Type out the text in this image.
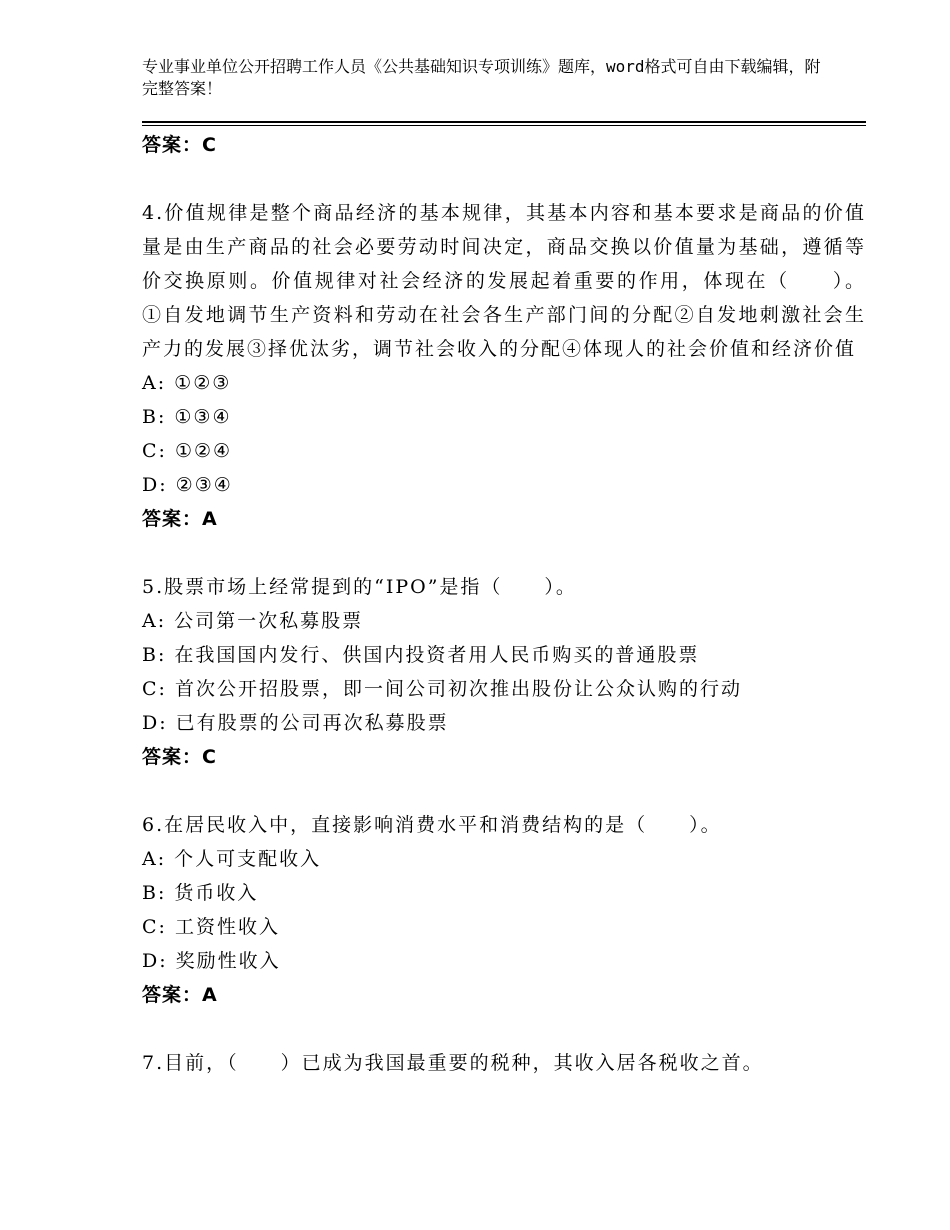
专业事业单位公开招聘工作人员《公共基础知识专项训练》题库，word格式可自由下载编辑，附完整答案！
答案：C
4.价值规律是整个商品经济的基本规律，其基本内容和基本要求是商品的价值量是由生产商品的社会必要劳动时间决定，商品交换以价值量为基础，遵循等价交换原则。价值规律对社会经济的发展起着重要的作用，体现在（　　）。①自发地调节生产资料和劳动在社会各生产部门间的分配②自发地刺激社会生产力的发展③择优汰劣，调节社会收入的分配④体现人的社会价值和经济价值
A: ①②③
B: ①③④
C: ①②④
D: ②③④
答案：A
5.股票市场上经常提到的“IPO”是指（　　）。
A: 公司第一次私募股票
B: 在我国国内发行、供国内投资者用人民币购买的普通股票
C: 首次公开招股票，即一间公司初次推出股份让公众认购的行动
D: 已有股票的公司再次私募股票
答案：C
6.在居民收入中，直接影响消费水平和消费结构的是（　　）。
A: 个人可支配收入
B: 货币收入
C: 工资性收入
D: 奖励性收入
答案：A
7.目前，（　　）已成为我国最重要的税种，其收入居各税收之首。
